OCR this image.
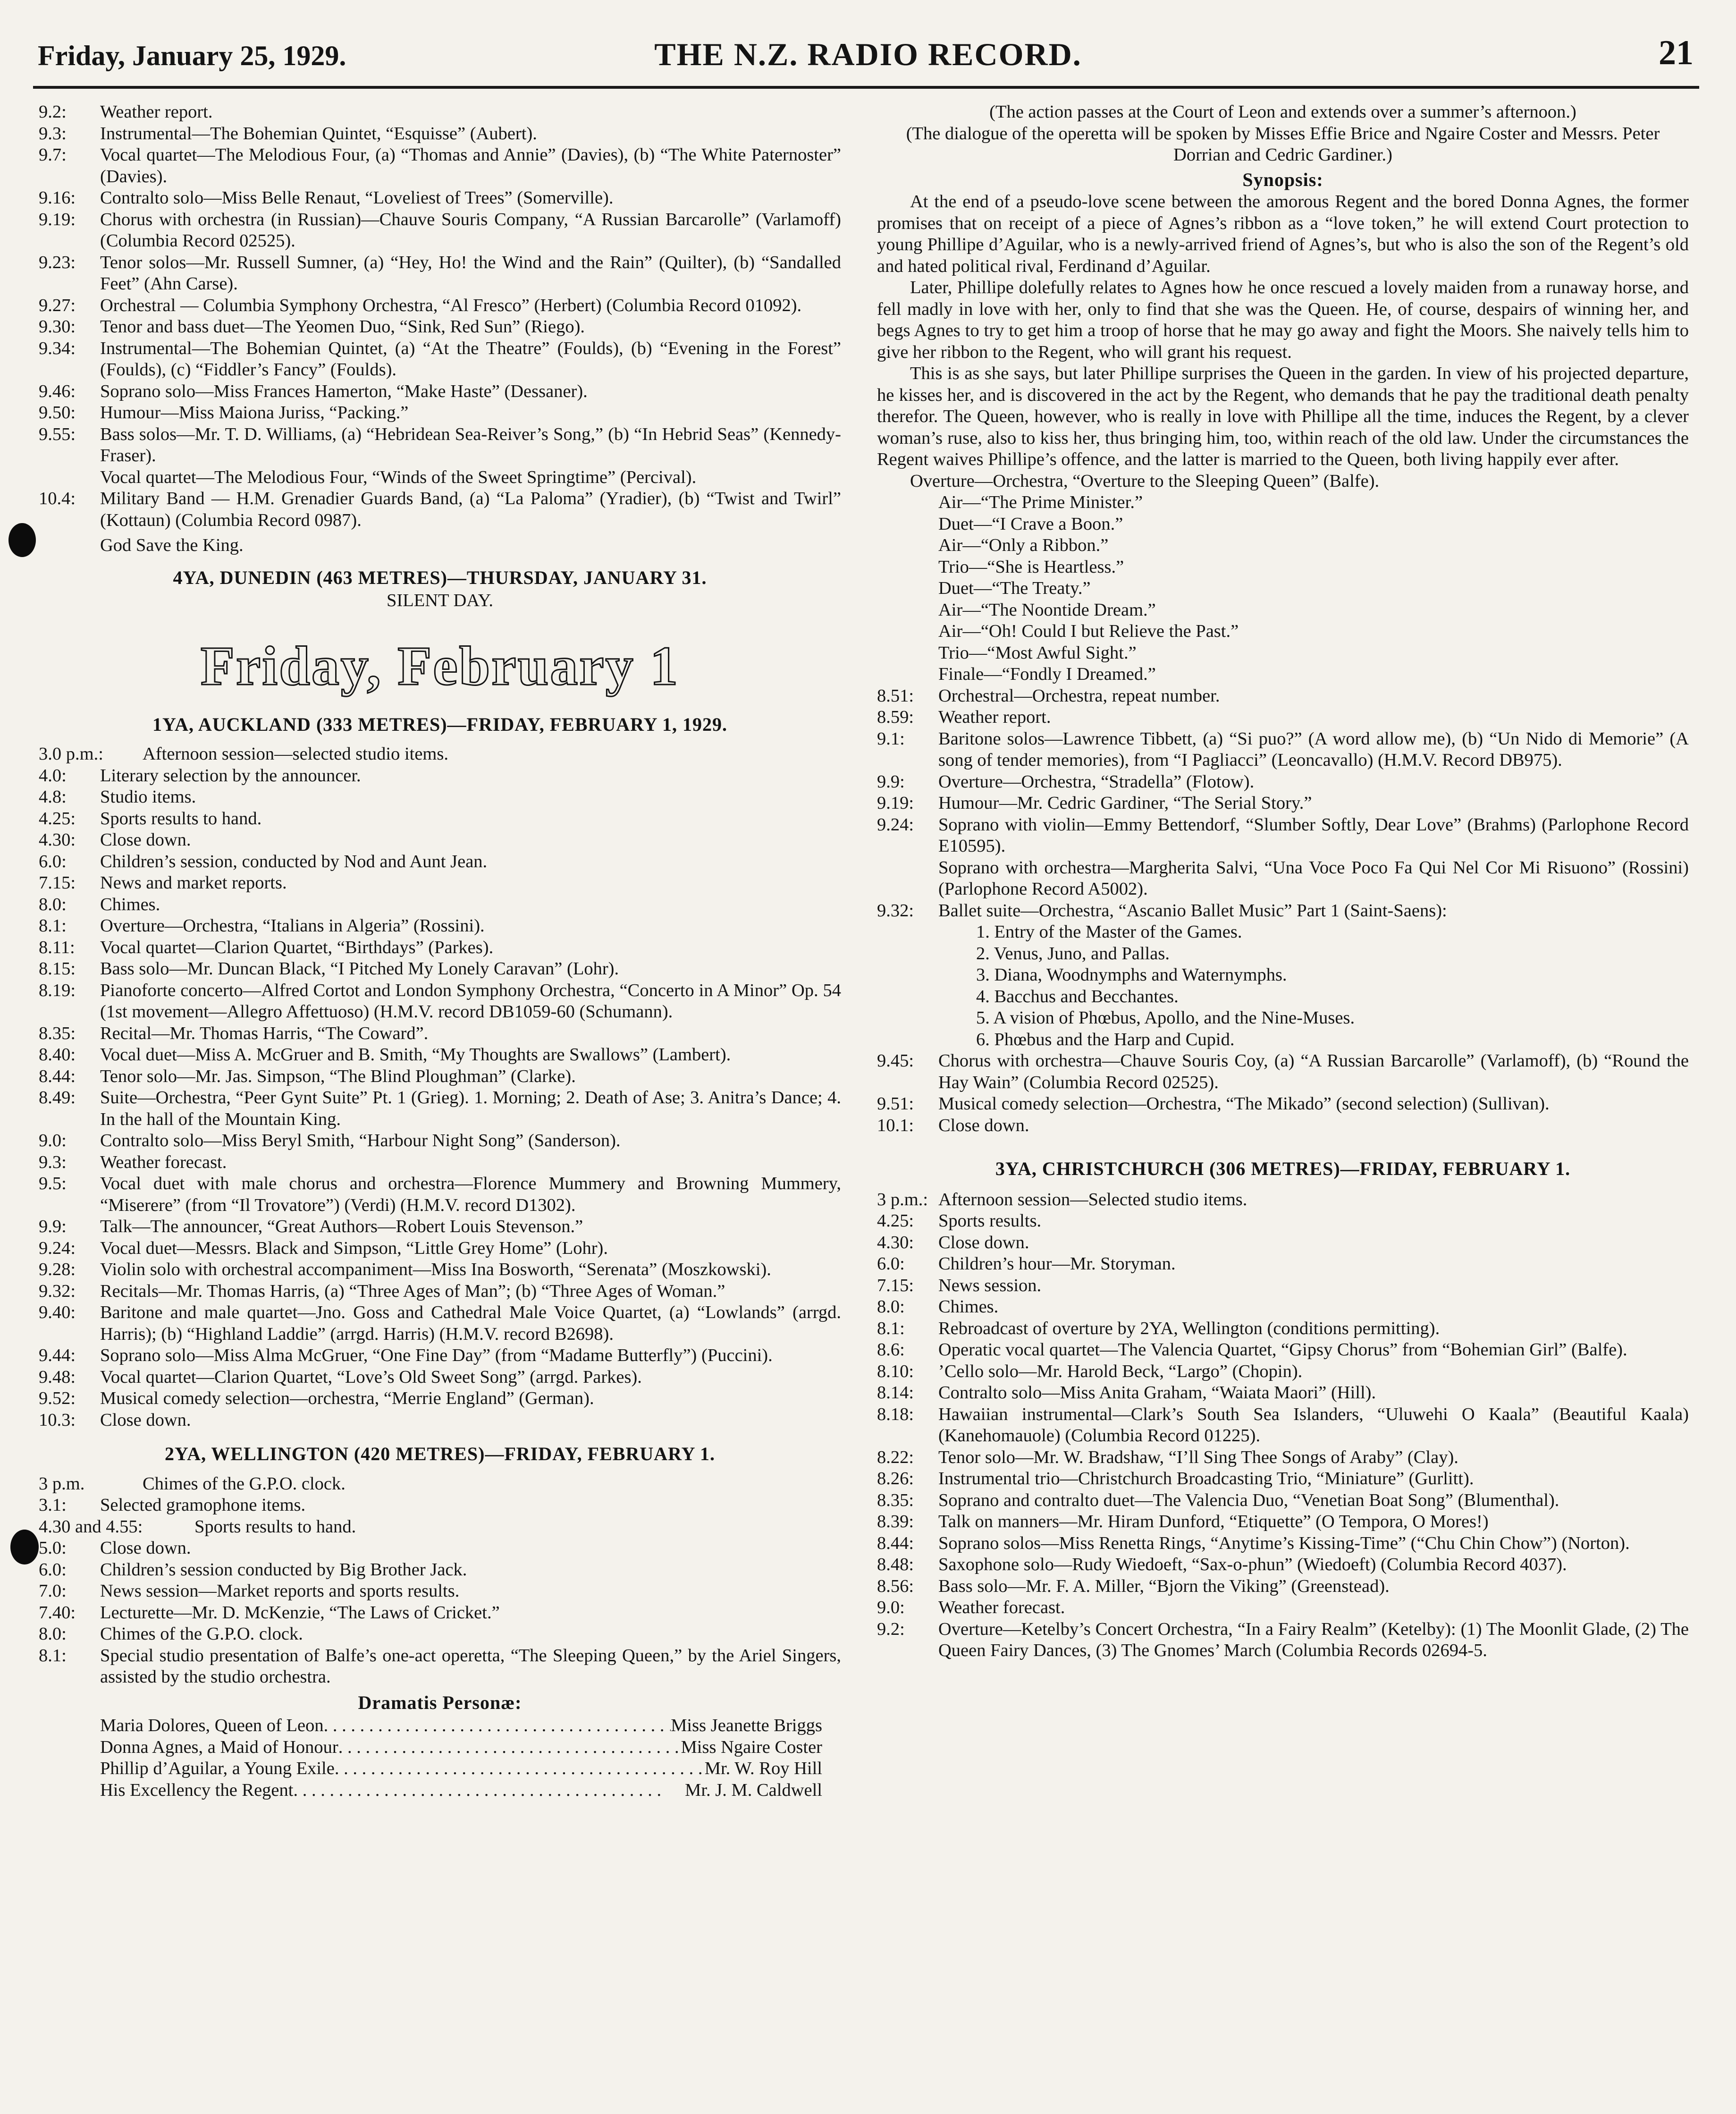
Friday, January 25, 1929.	THE N.Z. RADIO RECORD.	21
9.2:	Weather report.
9.3:	Instrumental—The Bohemian Quintet, “Esquisse” (Aubert).
9.7:	Vocal quartet—The Melodious Four, (a) “Thomas and Annie” (Davies), (b) “The White Paternoster” (Davies).
9.16:	Contralto solo—Miss Belle Renaut, “Loveliest of Trees” (Somerville).
9.19:	Chorus with orchestra (in Russian)—Chauve Souris Company, “A Russian Barcarolle” (Varlamoff) (Columbia Record 02525).
9.23:	Tenor solos—Mr. Russell Sumner, (a) “Hey, Ho! the Wind and the Rain” (Quilter), (b) “Sandalled Feet” (Ahn Carse).
9.27:	Orchestral — Columbia Symphony Orchestra, “Al Fresco” (Herbert) (Columbia Record 01092).
9.30:	Tenor and bass duet—The Yeomen Duo, “Sink, Red Sun” (Riego).
9.34:	Instrumental—The Bohemian Quintet, (a) “At the Theatre” (Foulds), (b) “Evening in the Forest” (Foulds), (c) “Fiddler’s Fancy” (Foulds).
9.46:	Soprano solo—Miss Frances Hamerton, “Make Haste” (Dessaner).
9.50:	Humour—Miss Maiona Juriss, “Packing.”
9.55:	Bass solos—Mr. T. D. Williams, (a) “Hebridean Sea-Reiver’s Song,” (b) “In Hebrid Seas” (Kennedy-Fraser).
Vocal quartet—The Melodious Four, “Winds of the Sweet Springtime” (Percival).
10.4:	Military Band — H.M. Grenadier Guards Band, (a) “La Paloma” (Yradier), (b) “Twist and Twirl” (Kottaun) (Columbia Record 0987).
God Save the King.
4YA, DUNEDIN (463 METRES)—THURSDAY, JANUARY 31.
SILENT DAY.
Friday, February 1
1YA, AUCKLAND (333 METRES)—FRIDAY, FEBRUARY 1, 1929.
3.0 p.m.:	Afternoon session—selected studio items.
4.0:	Literary selection by the announcer.
4.8:	Studio items.
4.25:	Sports results to hand.
4.30:	Close down.
6.0:	Children’s session, conducted by Nod and Aunt Jean.
7.15:	News and market reports.
8.0:	Chimes.
8.1:	Overture—Orchestra, “Italians in Algeria” (Rossini).
8.11:	Vocal quartet—Clarion Quartet, “Birthdays” (Parkes).
8.15:	Bass solo—Mr. Duncan Black, “I Pitched My Lonely Caravan” (Lohr).
8.19:	Pianoforte concerto—Alfred Cortot and London Symphony Orchestra, “Concerto in A Minor” Op. 54 (1st movement—Allegro Affettuoso) (H.M.V. record DB1059-60 (Schumann).
8.35:	Recital—Mr. Thomas Harris, “The Coward”.
8.40:	Vocal duet—Miss A. McGruer and B. Smith, “My Thoughts are Swallows” (Lambert).
8.44:	Tenor solo—Mr. Jas. Simpson, “The Blind Ploughman” (Clarke).
8.49:	Suite—Orchestra, “Peer Gynt Suite” Pt. 1 (Grieg). 1. Morning; 2. Death of Ase; 3. Anitra’s Dance; 4. In the hall of the Mountain King.
9.0:	Contralto solo—Miss Beryl Smith, “Harbour Night Song” (Sanderson).
9.3:	Weather forecast.
9.5:	Vocal duet with male chorus and orchestra—Florence Mummery and Browning Mummery, “Miserere” (from “Il Trovatore”) (Verdi) (H.M.V. record D1302).
9.9:	Talk—The announcer, “Great Authors—Robert Louis Stevenson.”
9.24:	Vocal duet—Messrs. Black and Simpson, “Little Grey Home” (Lohr).
9.28:	Violin solo with orchestral accompaniment—Miss Ina Bosworth, “Serenata” (Moszkowski).
9.32:	Recitals—Mr. Thomas Harris, (a) “Three Ages of Man”; (b) “Three Ages of Woman.”
9.40:	Baritone and male quartet—Jno. Goss and Cathedral Male Voice Quartet, (a) “Lowlands” (arrgd. Harris); (b) “Highland Laddie” (arrgd. Harris) (H.M.V. record B2698).
9.44:	Soprano solo—Miss Alma McGruer, “One Fine Day” (from “Madame Butterfly”) (Puccini).
9.48:	Vocal quartet—Clarion Quartet, “Love’s Old Sweet Song” (arrgd. Parkes).
9.52:	Musical comedy selection—orchestra, “Merrie England” (German).
10.3:	Close down.
2YA, WELLINGTON (420 METRES)—FRIDAY, FEBRUARY 1.
3 p.m.	Chimes of the G.P.O. clock.
3.1:	Selected gramophone items.
4.30 and 4.55:	Sports results to hand.
5.0:	Close down.
6.0:	Children’s session conducted by Big Brother Jack.
7.0:	News session—Market reports and sports results.
7.40:	Lecturette—Mr. D. McKenzie, “The Laws of Cricket.”
8.0:	Chimes of the G.P.O. clock.
8.1:	Special studio presentation of Balfe’s one-act operetta, “The Sleeping Queen,” by the Ariel Singers, assisted by the studio orchestra.
Dramatis Personæ:
Maria Dolores, Queen of Leon . . .	Miss Jeanette Briggs
Donna Agnes, a Maid of Honour . . .	Miss Ngaire Coster
Phillip d’Aguilar, a Young Exile . . .	Mr. W. Roy Hill
His Excellency the Regent . . .	Mr. J. M. Caldwell
(The action passes at the Court of Leon and extends over a summer’s afternoon.)
(The dialogue of the operetta will be spoken by Misses Effie Brice and Ngaire Coster and Messrs. Peter Dorrian and Cedric Gardiner.)
Synopsis:
At the end of a pseudo-love scene between the amorous Regent and the bored Donna Agnes, the former promises that on receipt of a piece of Agnes’s ribbon as a “love token,” he will extend Court protection to young Phillipe d’Aguilar, who is a newly-arrived friend of Agnes’s, but who is also the son of the Regent’s old and hated political rival, Ferdinand d’Aguilar.
Later, Phillipe dolefully relates to Agnes how he once rescued a lovely maiden from a runaway horse, and fell madly in love with her, only to find that she was the Queen. He, of course, despairs of winning her, and begs Agnes to try to get him a troop of horse that he may go away and fight the Moors. She naively tells him to give her ribbon to the Regent, who will grant his request.
This is as she says, but later Phillipe surprises the Queen in the garden. In view of his projected departure, he kisses her, and is discovered in the act by the Regent, who demands that he pay the traditional death penalty therefor. The Queen, however, who is really in love with Phillipe all the time, induces the Regent, by a clever woman’s ruse, also to kiss her, thus bringing him, too, within reach of the old law. Under the circumstances the Regent waives Phillipe’s offence, and the latter is married to the Queen, both living happily ever after.
Overture—Orchestra, “Overture to the Sleeping Queen” (Balfe).
Air—“The Prime Minister.”
Duet—“I Crave a Boon.”
Air—“Only a Ribbon.”
Trio—“She is Heartless.”
Duet—“The Treaty.”
Air—“The Noontide Dream.”
Air—“Oh! Could I but Relieve the Past.”
Trio—“Most Awful Sight.”
Finale—“Fondly I Dreamed.”
8.51:	Orchestral—Orchestra, repeat number.
8.59:	Weather report.
9.1:	Baritone solos—Lawrence Tibbett, (a) “Si puo?” (A word allow me), (b) “Un Nido di Memorie” (A song of tender memories), from “I Pagliacci” (Leoncavallo) (H.M.V. Record DB975).
9.9:	Overture—Orchestra, “Stradella” (Flotow).
9.19:	Humour—Mr. Cedric Gardiner, “The Serial Story.”
9.24:	Soprano with violin—Emmy Bettendorf, “Slumber Softly, Dear Love” (Brahms) (Parlophone Record E10595).
Soprano with orchestra—Margherita Salvi, “Una Voce Poco Fa Qui Nel Cor Mi Risuono” (Rossini) (Parlophone Record A5002).
9.32:	Ballet suite—Orchestra, “Ascanio Ballet Music” Part 1 (Saint-Saens):
1. Entry of the Master of the Games.
2. Venus, Juno, and Pallas.
3. Diana, Woodnymphs and Waternymphs.
4. Bacchus and Becchantes.
5. A vision of Phœbus, Apollo, and the Nine-Muses.
6. Phœbus and the Harp and Cupid.
9.45:	Chorus with orchestra—Chauve Souris Coy, (a) “A Russian Barcarolle” (Varlamoff), (b) “Round the Hay Wain” (Columbia Record 02525).
9.51:	Musical comedy selection—Orchestra, “The Mikado” (second selection) (Sullivan).
10.1:	Close down.
3YA, CHRISTCHURCH (306 METRES)—FRIDAY, FEBRUARY 1.
3 p.m.: Afternoon session—Selected studio items.
4.25:	Sports results.
4.30:	Close down.
6.0:	Children’s hour—Mr. Storyman.
7.15:	News session.
8.0:	Chimes.
8.1:	Rebroadcast of overture by 2YA, Wellington (conditions permitting).
8.6:	Operatic vocal quartet—The Valencia Quartet, “Gipsy Chorus” from “Bohemian Girl” (Balfe).
8.10:	’Cello solo—Mr. Harold Beck, “Largo” (Chopin).
8.14:	Contralto solo—Miss Anita Graham, “Waiata Maori” (Hill).
8.18:	Hawaiian instrumental—Clark’s South Sea Islanders, “Uluwehi O Kaala” (Beautiful Kaala) (Kanehomauole) (Columbia Record 01225).
8.22:	Tenor solo—Mr. W. Bradshaw, “I’ll Sing Thee Songs of Araby” (Clay).
8.26:	Instrumental trio—Christchurch Broadcasting Trio, “Miniature” (Gurlitt).
8.35:	Soprano and contralto duet—The Valencia Duo, “Venetian Boat Song” (Blumenthal).
8.39:	Talk on manners—Mr. Hiram Dunford, “Etiquette” (O Tempora, O Mores!)
8.44:	Soprano solos—Miss Renetta Rings, “Anytime’s Kissing-Time” (“Chu Chin Chow”) (Norton).
8.48:	Saxophone solo—Rudy Wiedoeft, “Sax-o-phun” (Wiedoeft) (Columbia Record 4037).
8.56:	Bass solo—Mr. F. A. Miller, “Bjorn the Viking” (Greenstead).
9.0:	Weather forecast.
9.2:	Overture—Ketelby’s Concert Orchestra, “In a Fairy Realm” (Ketelby): (1) The Moonlit Glade, (2) The Queen Fairy Dances, (3) The Gnomes’ March (Columbia Records 02694-5.
